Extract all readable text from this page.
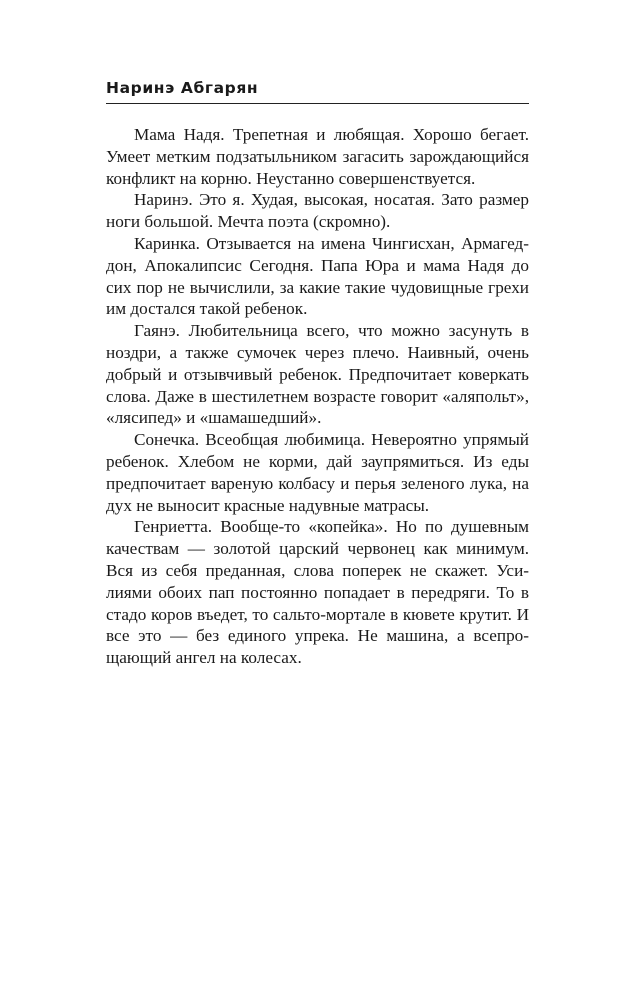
Наринэ Абгарян

Мама Надя. Трепетная и любящая. Хорошо бегает. Умеет метким подзатыльником загасить зарождающийся конфликт на корню. Неустанно совершенствуется.

Наринэ. Это я. Худая, высокая, носатая. Зато размер ноги большой. Мечта поэта (скромно).

Каринка. Отзывается на имена Чингисхан, Армагеддон, Апокалипсис Сегодня. Папа Юра и мама Надя до сих пор не вычислили, за какие такие чудовищные грехи им достался такой ребенок.

Гаянэ. Любительница всего, что можно засунуть в ноздри, а также сумочек через плечо. Наивный, очень добрый и отзывчивый ребенок. Предпочитает коверкать слова. Даже в шестилетнем возрасте говорит «аляпольт», «лясипед» и «шамашедший».

Сонечка. Всеобщая любимица. Невероятно упрямый ребенок. Хлебом не корми, дай заупрямиться. Из еды предпочитает вареную колбасу и перья зеленого лука, на дух не выносит красные надувные матрасы.

Генриетта. Вообще-то «копейка». Но по душевным качествам — золотой царский червонец как минимум. Вся из себя преданная, слова поперек не скажет. Усилиями обоих пап постоянно попадает в передряги. То в стадо коров въедет, то сальто-мортале в кювете крутит. И все это — без единого упрека. Не машина, а всепрощающий ангел на колесах.
